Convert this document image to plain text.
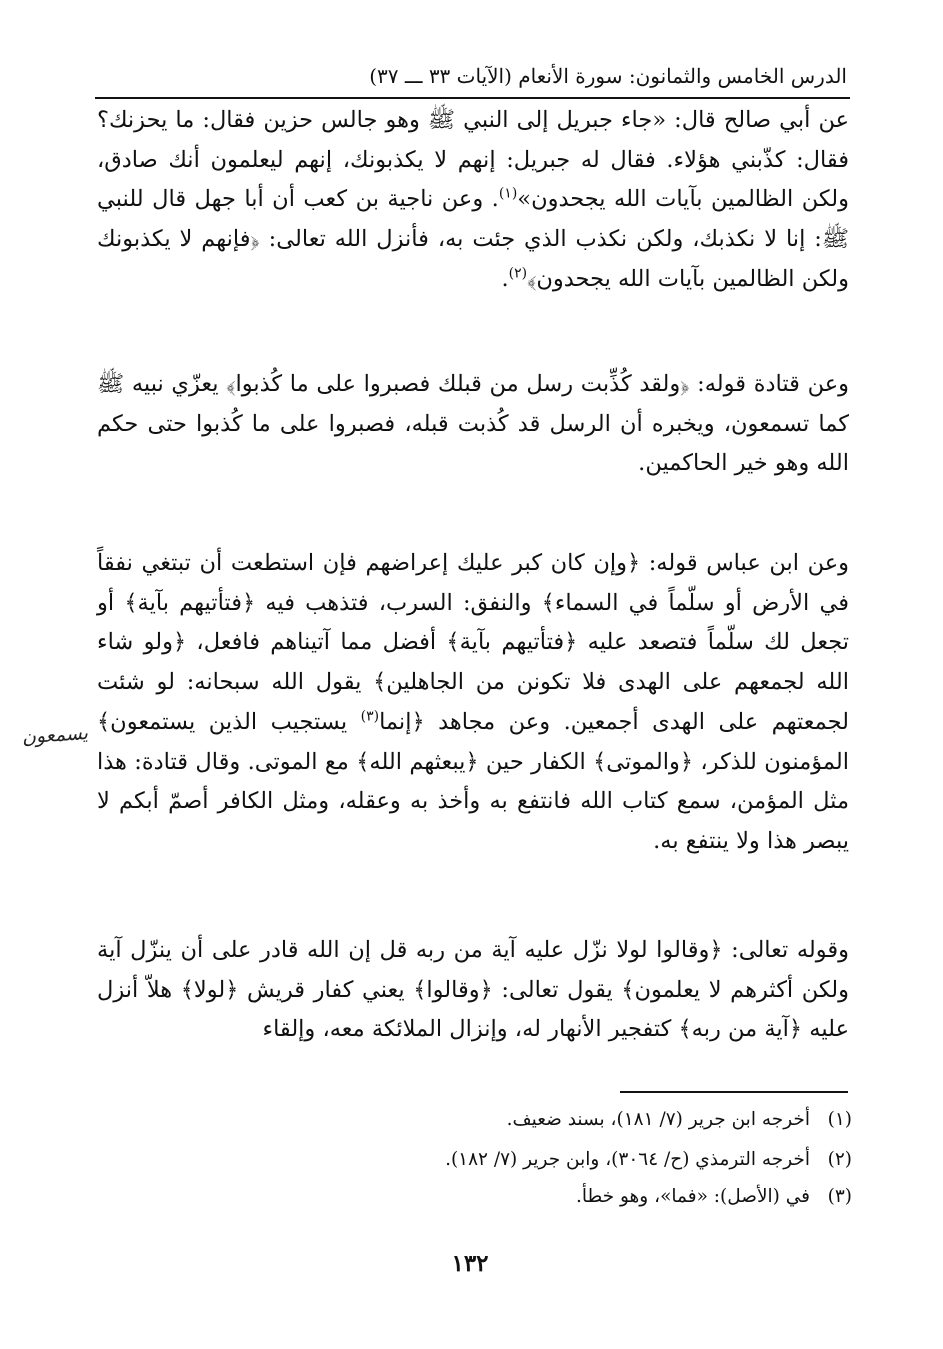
الدرس الخامس والثمانون: سورة الأنعام (الآيات ٣٣ ـــ ٣٧)
عن أبي صالح قال: «جاء جبريل إلى النبي ﷺ وهو جالس حزين فقال: ما يحزنك؟ فقال: كذّبني هؤلاء. فقال له جبريل: إنهم لا يكذبونك، إنهم ليعلمون أنك صادق، ولكن الظالمين بآيات الله يجحدون»$^{(١)}$. وعن ناجية بن كعب أن أبا جهل قال للنبي ﷺ: إنا لا نكذبك، ولكن نكذب الذي جئت به، فأنزل الله تعالى: ﴿فإنهم لا يكذبونك ولكن الظالمين بآيات الله يجحدون﴾$^{(٢)}$.
وعن قتادة قوله: ﴿ولقد كُذِّبت رسل من قبلك فصبروا على ما كُذبوا﴾ يعزّي نبيه ﷺ كما تسمعون، ويخبره أن الرسل قد كُذبت قبله، فصبروا على ما كُذبوا حتى حكم الله وهو خير الحاكمين.
وعن ابن عباس قوله: ﴿وإن كان كبر عليك إعراضهم فإن استطعت أن تبتغي نفقاً في الأرض أو سلّماً في السماء﴾ والنفق: السرب، فتذهب فيه ﴿فتأتيهم بآية﴾ أو تجعل لك سلّماً فتصعد عليه ﴿فتأتيهم بآية﴾ أفضل مما آتيناهم فافعل، ﴿ولو شاء الله لجمعهم على الهدى فلا تكونن من الجاهلين﴾ يقول الله سبحانه: لو شئت لجمعتهم على الهدى أجمعين. وعن مجاهد ﴿إنما$^{(٣)}$ يستجيب الذين يستمعون﴾ المؤمنون للذكر، ﴿والموتى﴾ الكفار حين ﴿يبعثهم الله﴾ مع الموتى. وقال قتادة: هذا مثل المؤمن، سمع كتاب الله فانتفع به وأخذ به وعقله، ومثل الكافر أصمّ أبكم لا يبصر هذا ولا ينتفع به.
يسمعون
وقوله تعالى: ﴿وقالوا لولا نزّل عليه آية من ربه قل إن الله قادر على أن ينزّل آية ولكن أكثرهم لا يعلمون﴾ يقول تعالى: ﴿وقالوا﴾ يعني كفار قريش ﴿لولا﴾ هلاّ أنزل عليه ﴿آية من ربه﴾ كتفجير الأنهار له، وإنزال الملائكة معه، وإلقاء
(١)أخرجه ابن جرير (٧/ ١٨١)، بسند ضعيف.
(٢)أخرجه الترمذي (ح/ ٣٠٦٤)، وابن جرير (٧/ ١٨٢).
(٣)في (الأصل): «فما»، وهو خطأ.
١٣٢
